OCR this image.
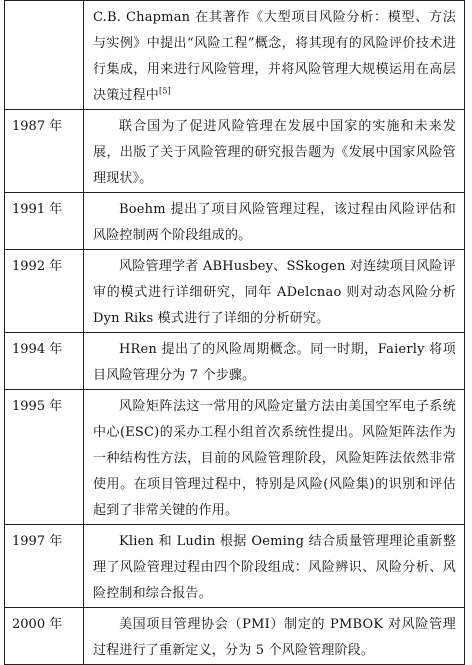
	C.B. Chapman 在其著作《大型项目风险分析：模型、方法与实例》中提出“风险工程”概念，将其现有的风险评价技术进行集成，用来进行风险管理，并将风险管理大规模运用在高层决策过程中[5]
1987 年	联合国为了促进风险管理在发展中国家的实施和未来发展，出版了关于风险管理的研究报告题为《发展中国家风险管理现状》。
1991 年	Boehm 提出了项目风险管理过程，该过程由风险评估和风险控制两个阶段组成的。
1992 年	风险管理学者 ABHusbey、SSkogen 对连续项目风险评审的模式进行详细研究，同年 ADelcnao 则对动态风险分析 Dyn Riks 模式进行了详细的分析研究。
1994 年	HRen 提出了的风险周期概念。同一时期，Faierly 将项目风险管理分为 7 个步骤。
1995 年	风险矩阵法这一常用的风险定量方法由美国空军电子系统中心(ESC)的采办工程小组首次系统性提出。风险矩阵法作为一种结构性方法，目前的风险管理阶段，风险矩阵法依然非常使用。在项目管理过程中，特别是风险(风险集)的识别和评估起到了非常关键的作用。
1997 年	Klien 和 Ludin 根据 Oeming 结合质量管理理论重新整理了风险管理过程由四个阶段组成：风险辨识、风险分析、风险控制和综合报告。
2000 年	美国项目管理协会（PMI）制定的 PMBOK 对风险管理过程进行了重新定义，分为 5 个风险管理阶段。
